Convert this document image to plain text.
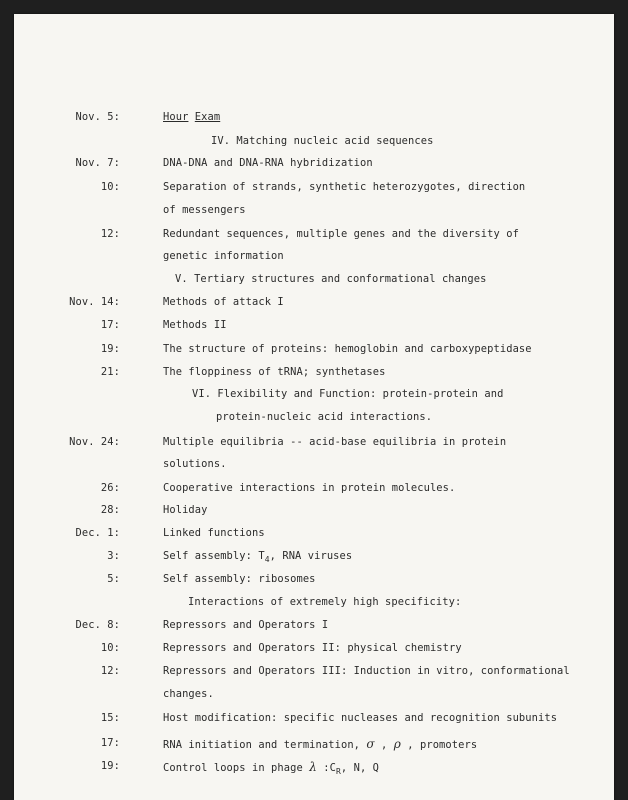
Nov. 5:	Hour Exam
IV. Matching nucleic acid sequences
Nov. 7:	DNA-DNA and DNA-RNA hybridization
10:	Separation of strands, synthetic heterozygotes, direction
of messengers
12:	Redundant sequences, multiple genes and the diversity of
genetic information
V. Tertiary structures and conformational changes
Nov. 14:	Methods of attack I
17:	Methods II
19:	The structure of proteins: hemoglobin and carboxypeptidase
21:	The floppiness of tRNA; synthetases
VI. Flexibility and Function: protein-protein and
protein-nucleic acid interactions.
Nov. 24:	Multiple equilibria -- acid-base equilibria in protein
solutions.
26:	Cooperative interactions in protein molecules.
28:	Holiday
Dec. 1:	Linked functions
3:	Self assembly: $T_4$, RNA viruses
5:	Self assembly: ribosomes
Interactions of extremely high specificity:
Dec. 8:	Repressors and Operators I
10:	Repressors and Operators II: physical chemistry
12:	Repressors and Operators III: Induction in vitro, conformational
changes.
15:	Host modification: specific nucleases and recognition subunits
17:	RNA initiation and termination, σ , ρ , promoters
19:	Control loops in phage λ $:C_R$, N, Q
